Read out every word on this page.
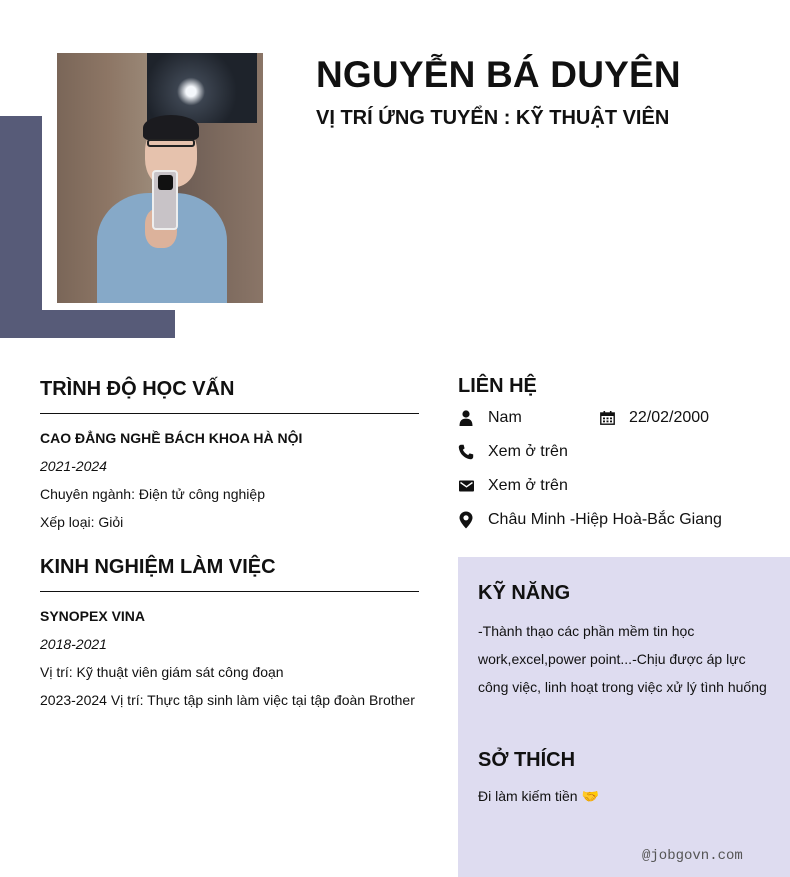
NGUYỄN BÁ DUYÊN
VỊ TRÍ ỨNG TUYỂN : KỸ THUẬT VIÊN
TRÌNH ĐỘ HỌC VẤN
CAO ĐẲNG NGHỀ BÁCH KHOA HÀ NỘI
2021-2024
Chuyên ngành: Điện tử công nghiệp
Xếp loại: Giỏi
KINH NGHIỆM LÀM VIỆC
SYNOPEX VINA
2018-2021
Vị trí: Kỹ thuật viên giám sát công đoạn
2023-2024 Vị trí: Thực tập sinh làm việc tại tập đoàn Brother
LIÊN HỆ
Nam	22/02/2000
Xem ở trên
Xem ở trên
Châu Minh -Hiệp Hoà-Bắc Giang
KỸ NĂNG
-Thành thạo các phần mềm tin học work,excel,power point...-Chịu được áp lực công việc, linh hoạt trong việc xử lý tình huống
SỞ THÍCH
Đi làm kiếm tiền 🤝
@jobgovn.com
